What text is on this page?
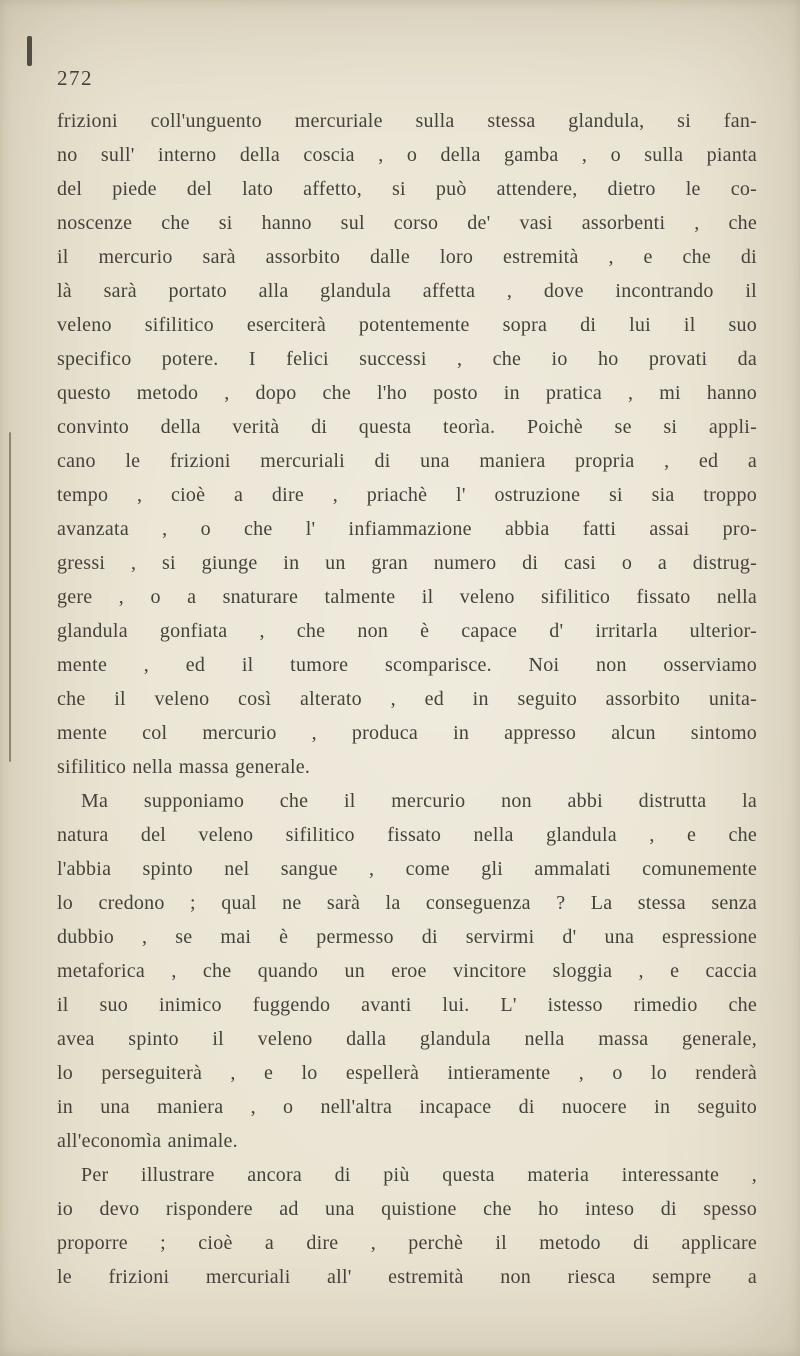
272
frizioni coll'unguento mercuriale sulla stessa glandula, si fan-
no sull' interno della coscia , o della gamba , o sulla pianta
del piede del lato affetto, si può attendere, dietro le co-
noscenze che si hanno sul corso de' vasi assorbenti , che
il mercurio sarà assorbito dalle loro estremità , e che di
là sarà portato alla glandula affetta , dove incontrando il
veleno sifilitico eserciterà potentemente sopra di lui il suo
specifico potere. I felici successi , che io ho provati da
questo metodo , dopo che l'ho posto in pratica , mi hanno
convinto della verità di questa teorìa. Poichè se si appli-
cano le frizioni mercuriali di una maniera propria , ed a
tempo , cioè a dire , priachè l' ostruzione si sia troppo
avanzata , o che l' infiammazione abbia fatti assai pro-
gressi , si giunge in un gran numero di casi o a distrug-
gere , o a snaturare talmente il veleno sifilitico fissato nella
glandula gonfiata , che non è capace d' irritarla ulterior-
mente , ed il tumore scomparisce. Noi non osserviamo
che il veleno così alterato , ed in seguito assorbito unita-
mente col mercurio , produca in appresso alcun sintomo
sifilitico nella massa generale.
Ma supponiamo che il mercurio non abbi distrutta la
natura del veleno sifilitico fissato nella glandula , e che
l'abbia spinto nel sangue , come gli ammalati comunemente
lo credono ; qual ne sarà la conseguenza ? La stessa senza
dubbio , se mai è permesso di servirmi d' una espressione
metaforica , che quando un eroe vincitore sloggia , e caccia
il suo inimico fuggendo avanti lui. L' istesso rimedio che
avea spinto il veleno dalla glandula nella massa generale,
lo perseguiterà , e lo espellerà intieramente , o lo renderà
in una maniera , o nell'altra incapace di nuocere in seguito
all'economìa animale.
Per illustrare ancora di più questa materia interessante ,
io devo rispondere ad una quistione che ho inteso di spesso
proporre ; cioè a dire , perchè il metodo di applicare
le frizioni mercuriali all' estremità non riesca sempre a
